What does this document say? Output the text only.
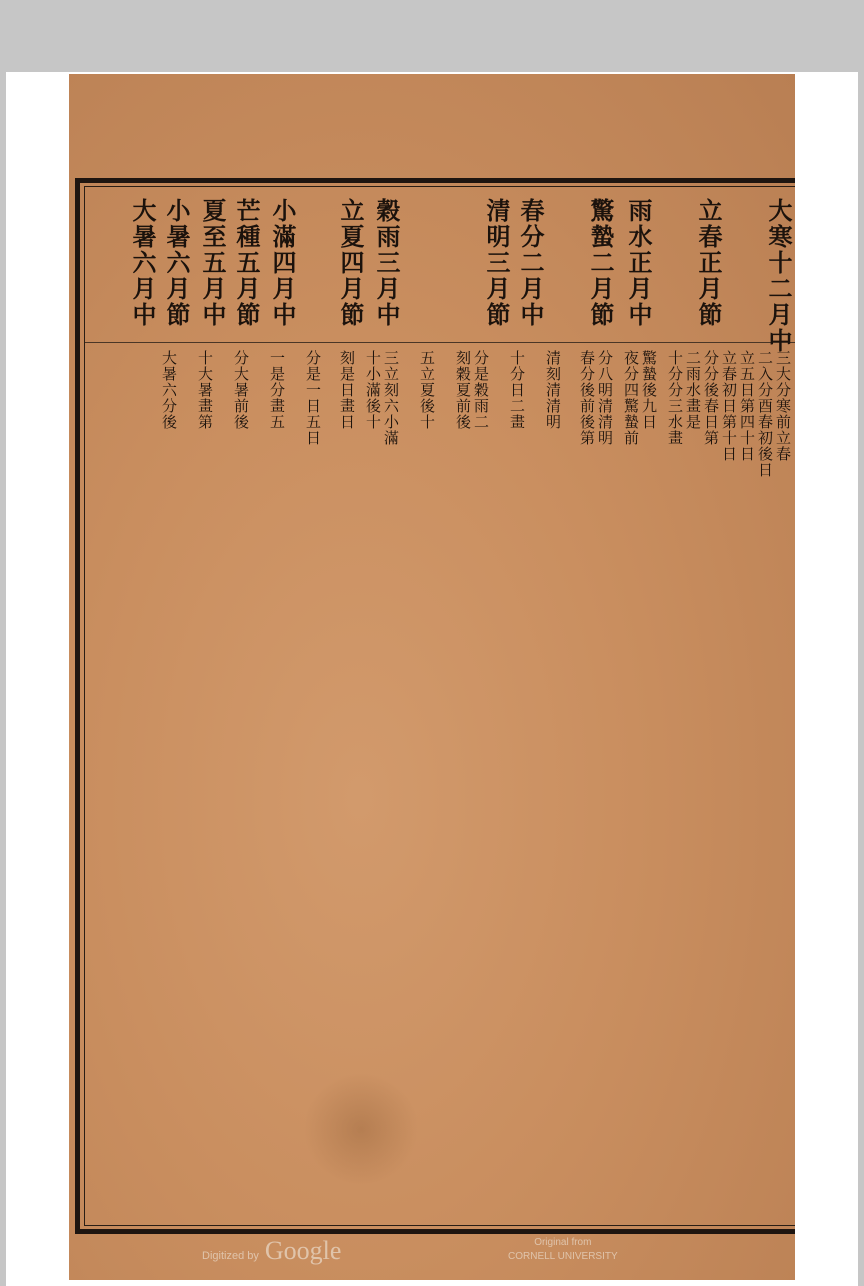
大寒十二月中
立春正月節
雨水正月中
驚蟄二月節
春分二月中
清明三月節
穀雨三月中
立夏四月節
小滿四月中
芒種五月節
夏至五月中
小暑六月節
大暑六月中
三大分寒前立春
二入分酉春初後日
立五日第四十日
立春初日第十日
分分後春日第
二雨水畫是
十分分三水畫
驚蟄後九日
夜分四驚蟄前
分八明清清明
春分後前後第
清刻清清明
十分日二畫
分是穀雨二
刻穀夏前後
五立夏後十
三立刻六小滿
十小滿後十
刻是日畫日
分是一日五日
一是分畫五
分大暑前後
十大暑畫第
大暑六分後
Digitized by Google	Original from
CORNELL UNIVERSITY
